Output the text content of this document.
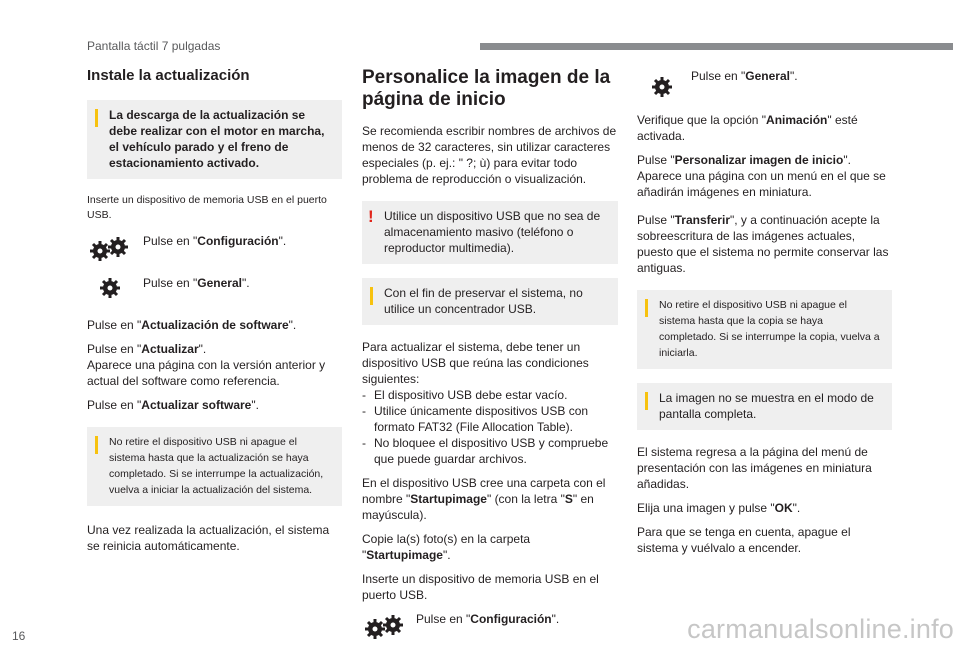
Pantalla táctil 7 pulgadas
Instale la actualización

La descarga de la actualización se debe realizar con el motor en marcha, el vehículo parado y el freno de estacionamiento activado.

Inserte un dispositivo de memoria USB en el puerto USB.

Pulse en "Configuración".
Pulse en "General".

Pulse en "Actualización de software".

Pulse en "Actualizar".

Aparece una página con la versión anterior y actual del software como referencia.

Pulse en "Actualizar software".

No retire el dispositivo USB ni apague el sistema hasta que la actualización se haya completado. Si se interrumpe la actualización, vuelva a iniciar la actualización del sistema.

Una vez realizada la actualización, el sistema se reinicia automáticamente.

Personalice la imagen de la página de inicio

Se recomienda escribir nombres de archivos de menos de 32 caracteres, sin utilizar caracteres especiales (p. ej.: " ?; ù) para evitar todo problema de reproducción o visualización.

! Utilice un dispositivo USB que no sea de almacenamiento masivo (teléfono o reproductor multimedia).

Con el fin de preservar el sistema, no utilice un concentrador USB.

Para actualizar el sistema, debe tener un dispositivo USB que reúna las condiciones siguientes:

- El dispositivo USB debe estar vacío.
- Utilice únicamente dispositivos USB con formato FAT32 (File Allocation Table).
- No bloquee el dispositivo USB y compruebe que puede guardar archivos.

En el dispositivo USB cree una carpeta con el nombre "Startupimage" (con la letra "S" en mayúscula).

Copie la(s) foto(s) en la carpeta "Startupimage".

Inserte un dispositivo de memoria USB en el puerto USB.

Pulse en "Configuración".
Pulse en "General".

Verifique que la opción "Animación" esté activada.

Pulse "Personalizar imagen de inicio".

Aparece una página con un menú en el que se añadirán imágenes en miniatura.

Pulse "Transferir", y a continuación acepte la sobreescritura de las imágenes actuales, puesto que el sistema no permite conservar las antiguas.

No retire el dispositivo USB ni apague el sistema hasta que la copia se haya completado. Si se interrumpe la copia, vuelva a iniciarla.

La imagen no se muestra en el modo de pantalla completa.

El sistema regresa a la página del menú de presentación con las imágenes en miniatura añadidas.

Elija una imagen y pulse "OK".

Para que se tenga en cuenta, apague el sistema y vuélvalo a encender.

16	carmanualsonline.info
